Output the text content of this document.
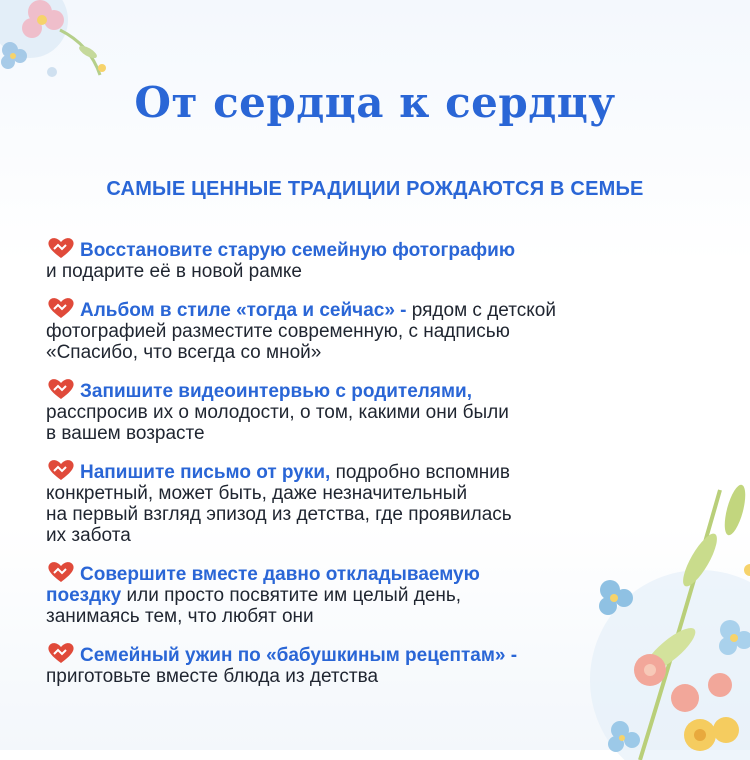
От сердца к сердцу
САМЫЕ ЦЕННЫЕ ТРАДИЦИИ РОЖДАЮТСЯ В СЕМЬЕ
Восстановите старую семейную фотографию
и подарите её в новой рамке
Альбом в стиле «тогда и сейчас» - рядом с детской
фотографией разместите современную, с надписью
«Спасибо, что всегда со мной»
Запишите видеоинтервью с родителями,
расспросив их о молодости, о том, какими они были
в вашем возрасте
Напишите письмо от руки, подробно вспомнив
конкретный, может быть, даже незначительный
на первый взгляд эпизод из детства, где проявилась
их забота
Совершите вместе давно откладываемую
поездку или просто посвятите им целый день,
занимаясь тем, что любят они
Семейный ужин по «бабушкиным рецептам» -
приготовьте вместе блюда из детства
